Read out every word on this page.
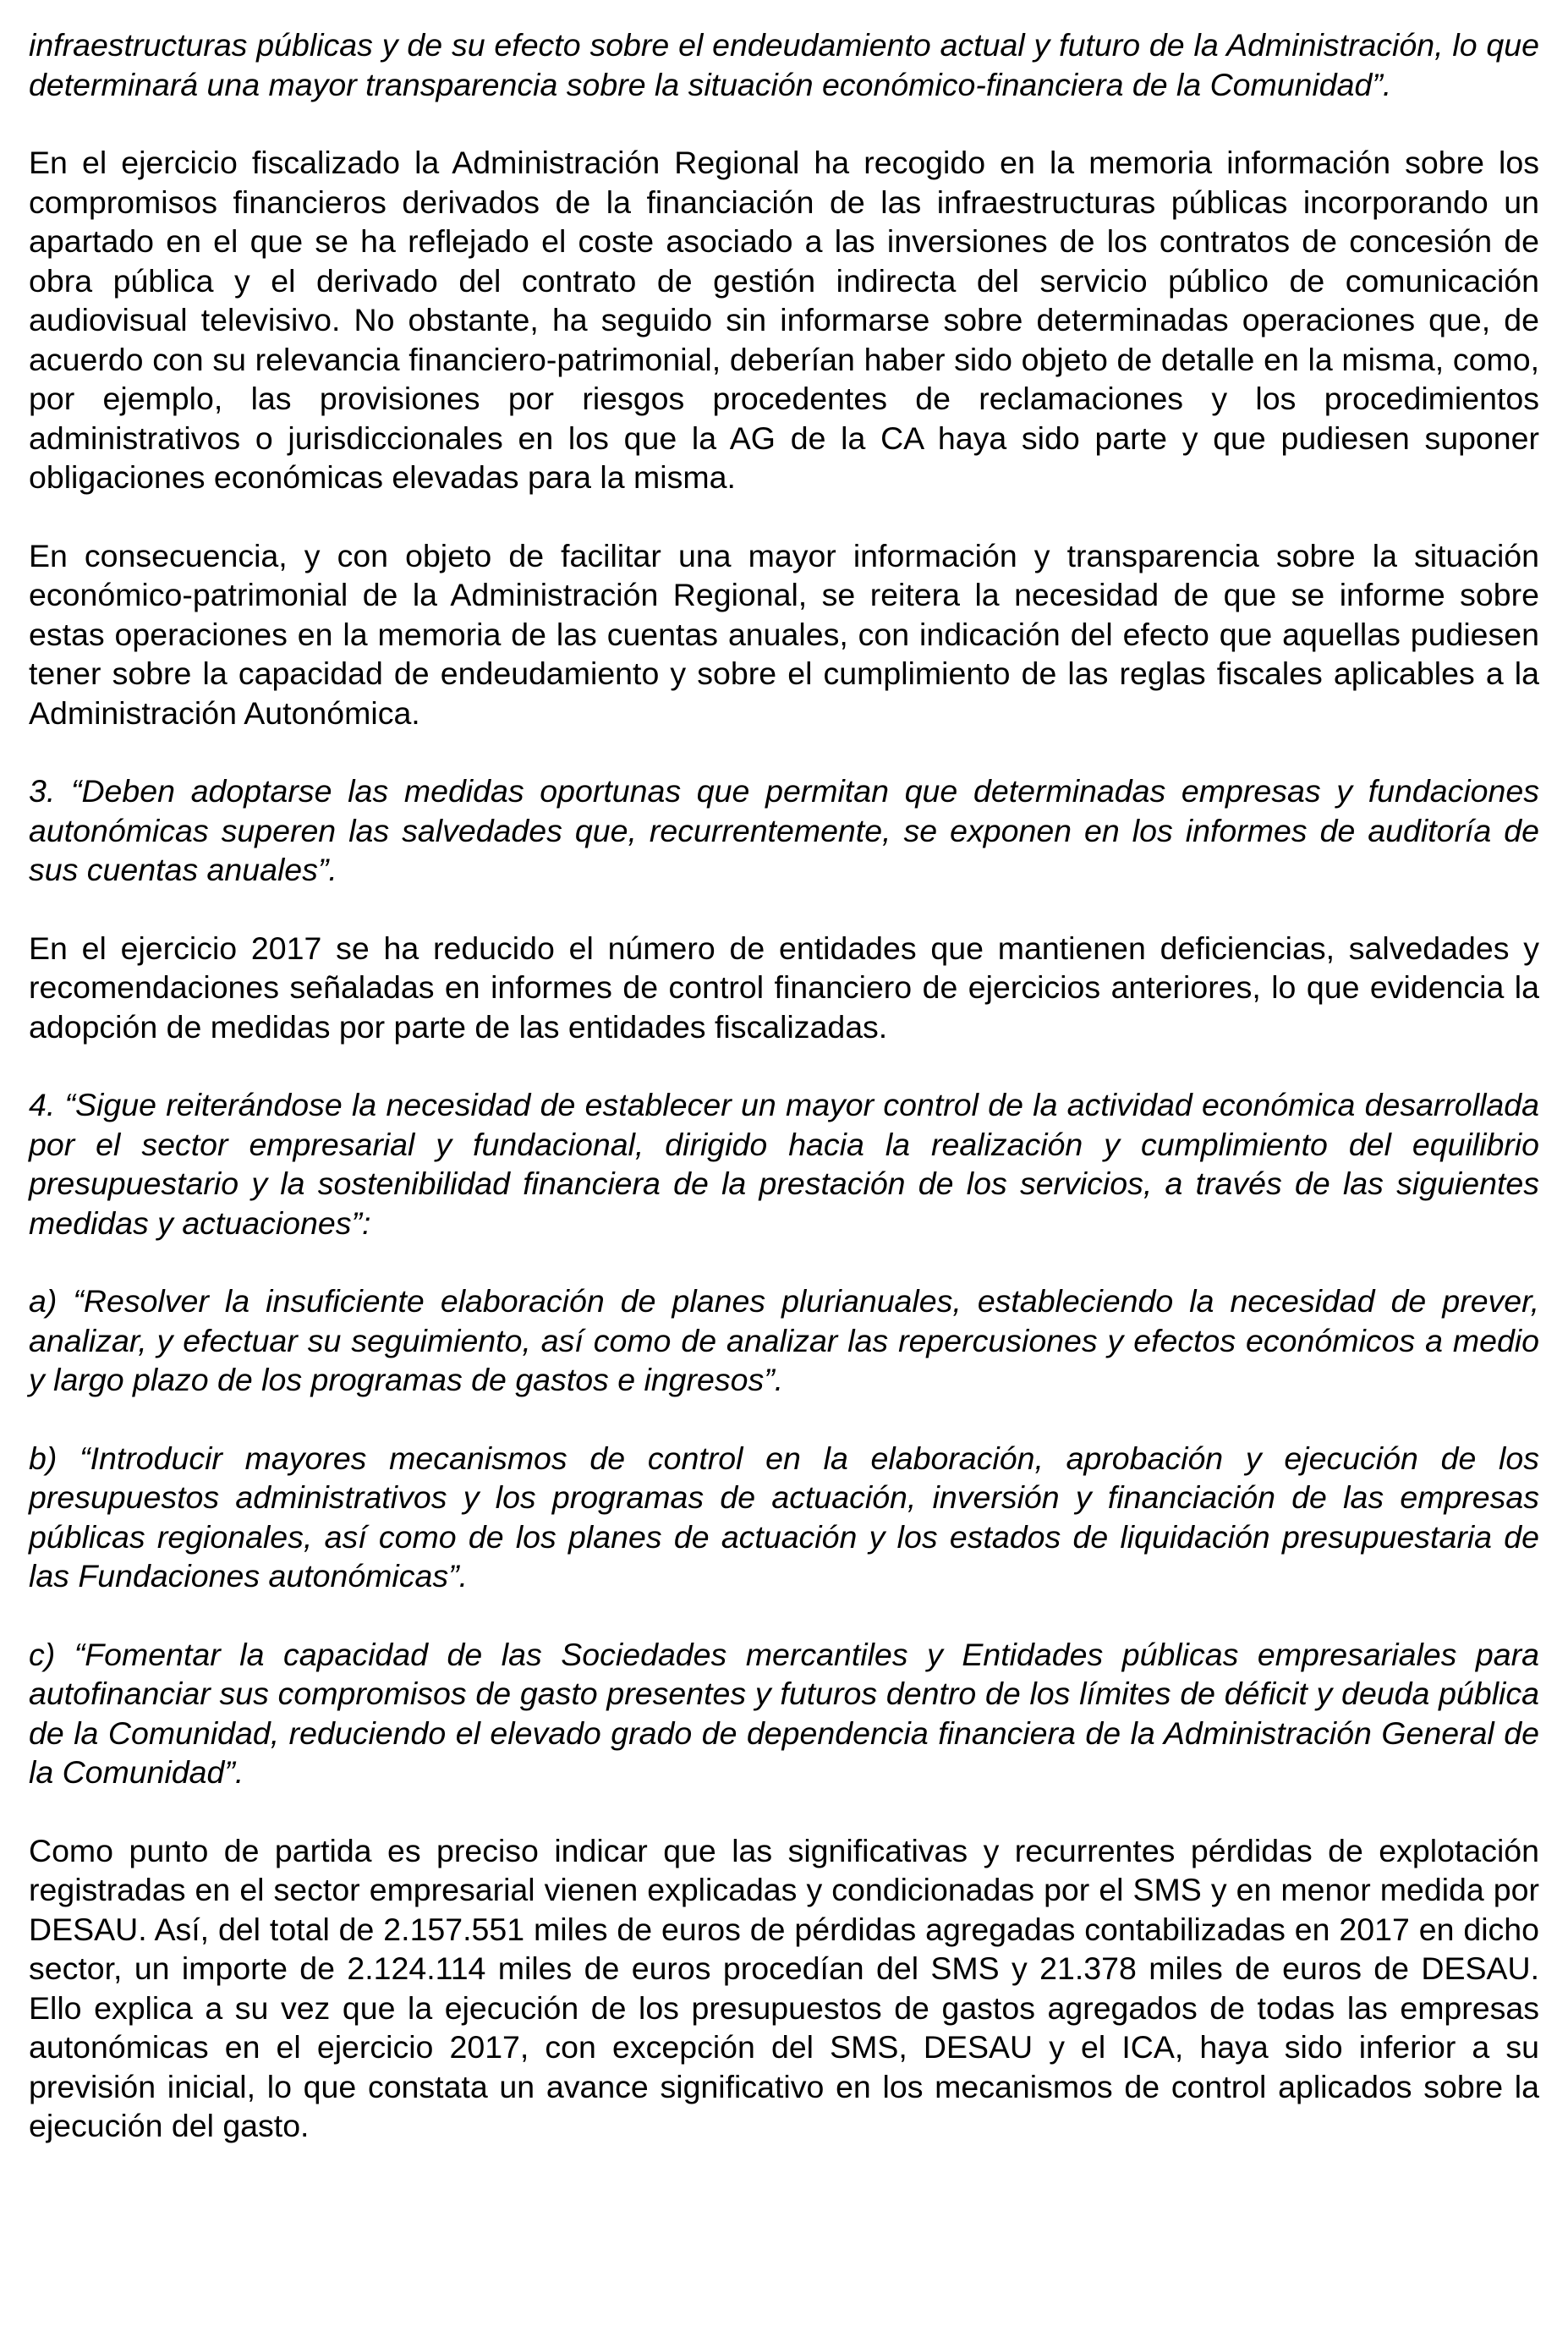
infraestructuras públicas y de su efecto sobre el endeudamiento actual y futuro de la Administración, lo que determinará una mayor transparencia sobre la situación económico-financiera de la Comunidad”.

En el ejercicio fiscalizado la Administración Regional ha recogido en la memoria información sobre los compromisos financieros derivados de la financiación de las infraestructuras públicas incorporando un apartado en el que se ha reflejado el coste asociado a las inversiones de los contratos de concesión de obra pública y el derivado del contrato de gestión indirecta del servicio público de comunicación audiovisual televisivo. No obstante, ha seguido sin informarse sobre determinadas operaciones que, de acuerdo con su relevancia financiero-patrimonial, deberían haber sido objeto de detalle en la misma, como, por ejemplo, las provisiones por riesgos procedentes de reclamaciones y los procedimientos administrativos o jurisdiccionales en los que la AG de la CA haya sido parte y que pudiesen suponer obligaciones económicas elevadas para la misma.

En consecuencia, y con objeto de facilitar una mayor información y transparencia sobre la situación económico-patrimonial de la Administración Regional, se reitera la necesidad de que se informe sobre estas operaciones en la memoria de las cuentas anuales, con indicación del efecto que aquellas pudiesen tener sobre la capacidad de endeudamiento y sobre el cumplimiento de las reglas fiscales aplicables a la Administración Autonómica.

3. “Deben adoptarse las medidas oportunas que permitan que determinadas empresas y fundaciones autonómicas superen las salvedades que, recurrentemente, se exponen en los informes de auditoría de sus cuentas anuales”.

En el ejercicio 2017 se ha reducido el número de entidades que mantienen deficiencias, salvedades y recomendaciones señaladas en informes de control financiero de ejercicios anteriores, lo que evidencia la adopción de medidas por parte de las entidades fiscalizadas.

4. “Sigue reiterándose la necesidad de establecer un mayor control de la actividad económica desarrollada por el sector empresarial y fundacional, dirigido hacia la realización y cumplimiento del equilibrio presupuestario y la sostenibilidad financiera de la prestación de los servicios, a través de las siguientes medidas y actuaciones”:

a) “Resolver la insuficiente elaboración de planes plurianuales, estableciendo la necesidad de prever, analizar, y efectuar su seguimiento, así como de analizar las repercusiones y efectos económicos a medio y largo plazo de los programas de gastos e ingresos”.

b) “Introducir mayores mecanismos de control en la elaboración, aprobación y ejecución de los presupuestos administrativos y los programas de actuación, inversión y financiación de las empresas públicas regionales, así como de los planes de actuación y los estados de liquidación presupuestaria de las Fundaciones autonómicas”.

c) “Fomentar la capacidad de las Sociedades mercantiles y Entidades públicas empresariales para autofinanciar sus compromisos de gasto presentes y futuros dentro de los límites de déficit y deuda pública de la Comunidad, reduciendo el elevado grado de dependencia financiera de la Administración General de la Comunidad”.

Como punto de partida es preciso indicar que las significativas y recurrentes pérdidas de explotación registradas en el sector empresarial vienen explicadas y condicionadas por el SMS y en menor medida por DESAU. Así, del total de 2.157.551 miles de euros de pérdidas agregadas contabilizadas en 2017 en dicho sector, un importe de 2.124.114 miles de euros procedían del SMS y 21.378 miles de euros de DESAU. Ello explica a su vez que la ejecución de los presupuestos de gastos agregados de todas las empresas autonómicas en el ejercicio 2017, con excepción del SMS, DESAU y el ICA, haya sido inferior a su previsión inicial, lo que constata un avance significativo en los mecanismos de control aplicados sobre la ejecución del gasto.
